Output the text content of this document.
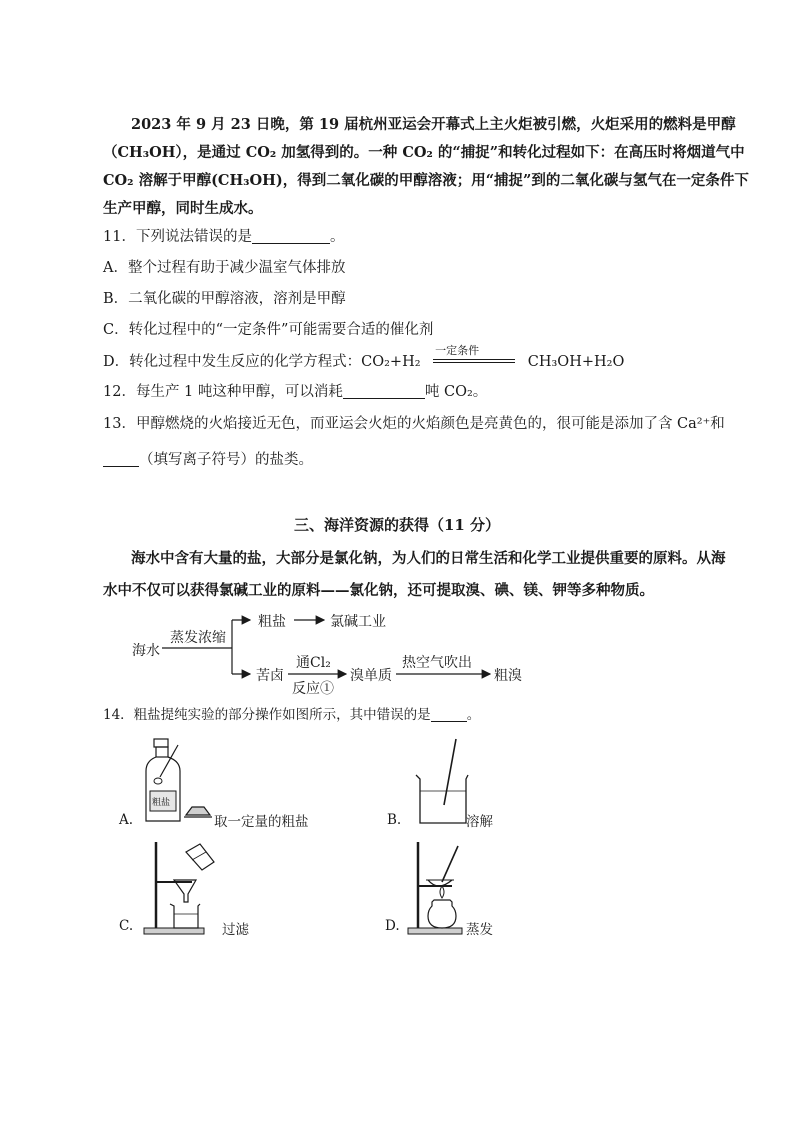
2023 年 9 月 23 日晚，第 19 届杭州亚运会开幕式上主火炬被引燃，火炬采用的燃料是甲醇
（CH₃OH），是通过 CO₂ 加氢得到的。一种 CO₂ 的“捕捉”和转化过程如下：在高压时将烟道气中
CO₂ 溶解于甲醇(CH₃OH)，得到二氧化碳的甲醇溶液；用“捕捉”到的二氧化碳与氢气在一定条件下
生产甲醇，同时生成水。
11．下列说法错误的是	。
A．整个过程有助于减少温室气体排放
B．二氧化碳的甲醇溶液，溶剂是甲醇
C．转化过程中的“一定条件”可能需要合适的催化剂
D．转化过程中发生反应的化学方程式：CO₂+H₂
一定条件
CH₃OH+H₂O
12．每生产 1 吨这种甲醇，可以消耗	吨 CO₂。
13．甲醇燃烧的火焰接近无色，而亚运会火炬的火焰颜色是亮黄色的，很可能是添加了含 Ca²⁺和
（填写离子符号）的盐类。
三、海洋资源的获得（11 分）
海水中含有大量的盐，大部分是氯化钠，为人们的日常生活和化学工业提供重要的原料。从海
水中不仅可以获得氯碱工业的原料——氯化钠，还可提取溴、碘、镁、钾等多种物质。
海水
蒸发浓缩
粗盐	氯碱工业
苦卤
通Cl₂
反应①
溴单质
热空气吹出
粗溴
14．粗盐提纯实验的部分操作如图所示，其中错误的是	。
粗盐
A.	取一定量的粗盐	B.	溶解
C.	过滤	D.	蒸发
